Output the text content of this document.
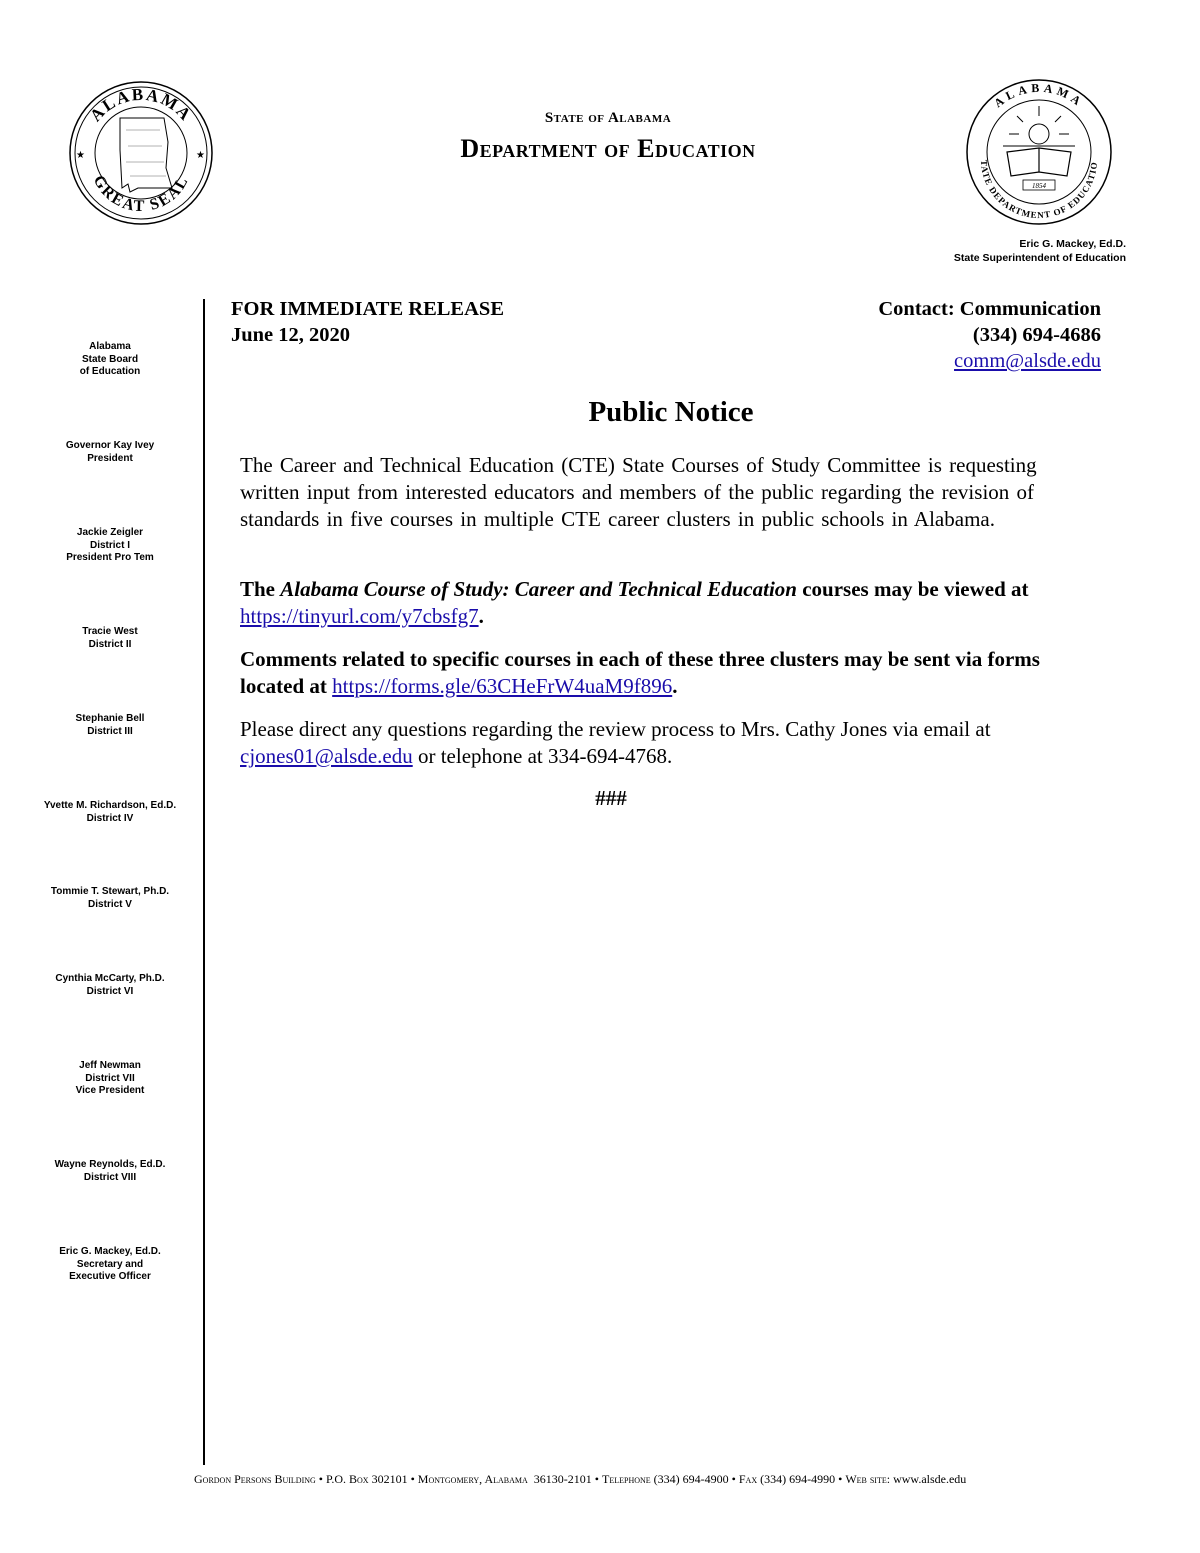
ALABAMA
GREAT SEAL
★	★
State of Alabama
Department of Education
ALABAMA
TATE DEPARTMENT OF EDUCATIO
1854
Eric G. Mackey, Ed.D.
State Superintendent of Education
Alabama
State Board
of Education
Governor Kay Ivey
President
Jackie Zeigler
District I
President Pro Tem
Tracie West
District II
Stephanie Bell
District III
Yvette M. Richardson, Ed.D.
District IV
Tommie T. Stewart, Ph.D.
District V
Cynthia McCarty, Ph.D.
District VI
Jeff Newman
District VII
Vice President
Wayne Reynolds, Ed.D.
District VIII
Eric G. Mackey, Ed.D.
Secretary and
Executive Officer
FOR IMMEDIATE RELEASE
June 12, 2020
Contact: Communication
(334) 694-4686
comm@alsde.edu
Public Notice
The Career and Technical Education (CTE) State Courses of Study Committee is requesting written input from interested educators and members of the public regarding the revision of standards in five courses in multiple CTE career clusters in public schools in Alabama.
The Alabama Course of Study: Career and Technical Education courses may be viewed at https://tinyurl.com/y7cbsfg7.
Comments related to specific courses in each of these three clusters may be sent via forms located at https://forms.gle/63CHeFrW4uaM9f896.
Please direct any questions regarding the review process to Mrs. Cathy Jones via email at cjones01@alsde.edu or telephone at 334-694-4768.
###
Gordon Persons Building • P.O. Box 302101 • Montgomery, Alabama 36130-2101 • Telephone (334) 694-4900 • Fax (334) 694-4990 • Web site: www.alsde.edu
